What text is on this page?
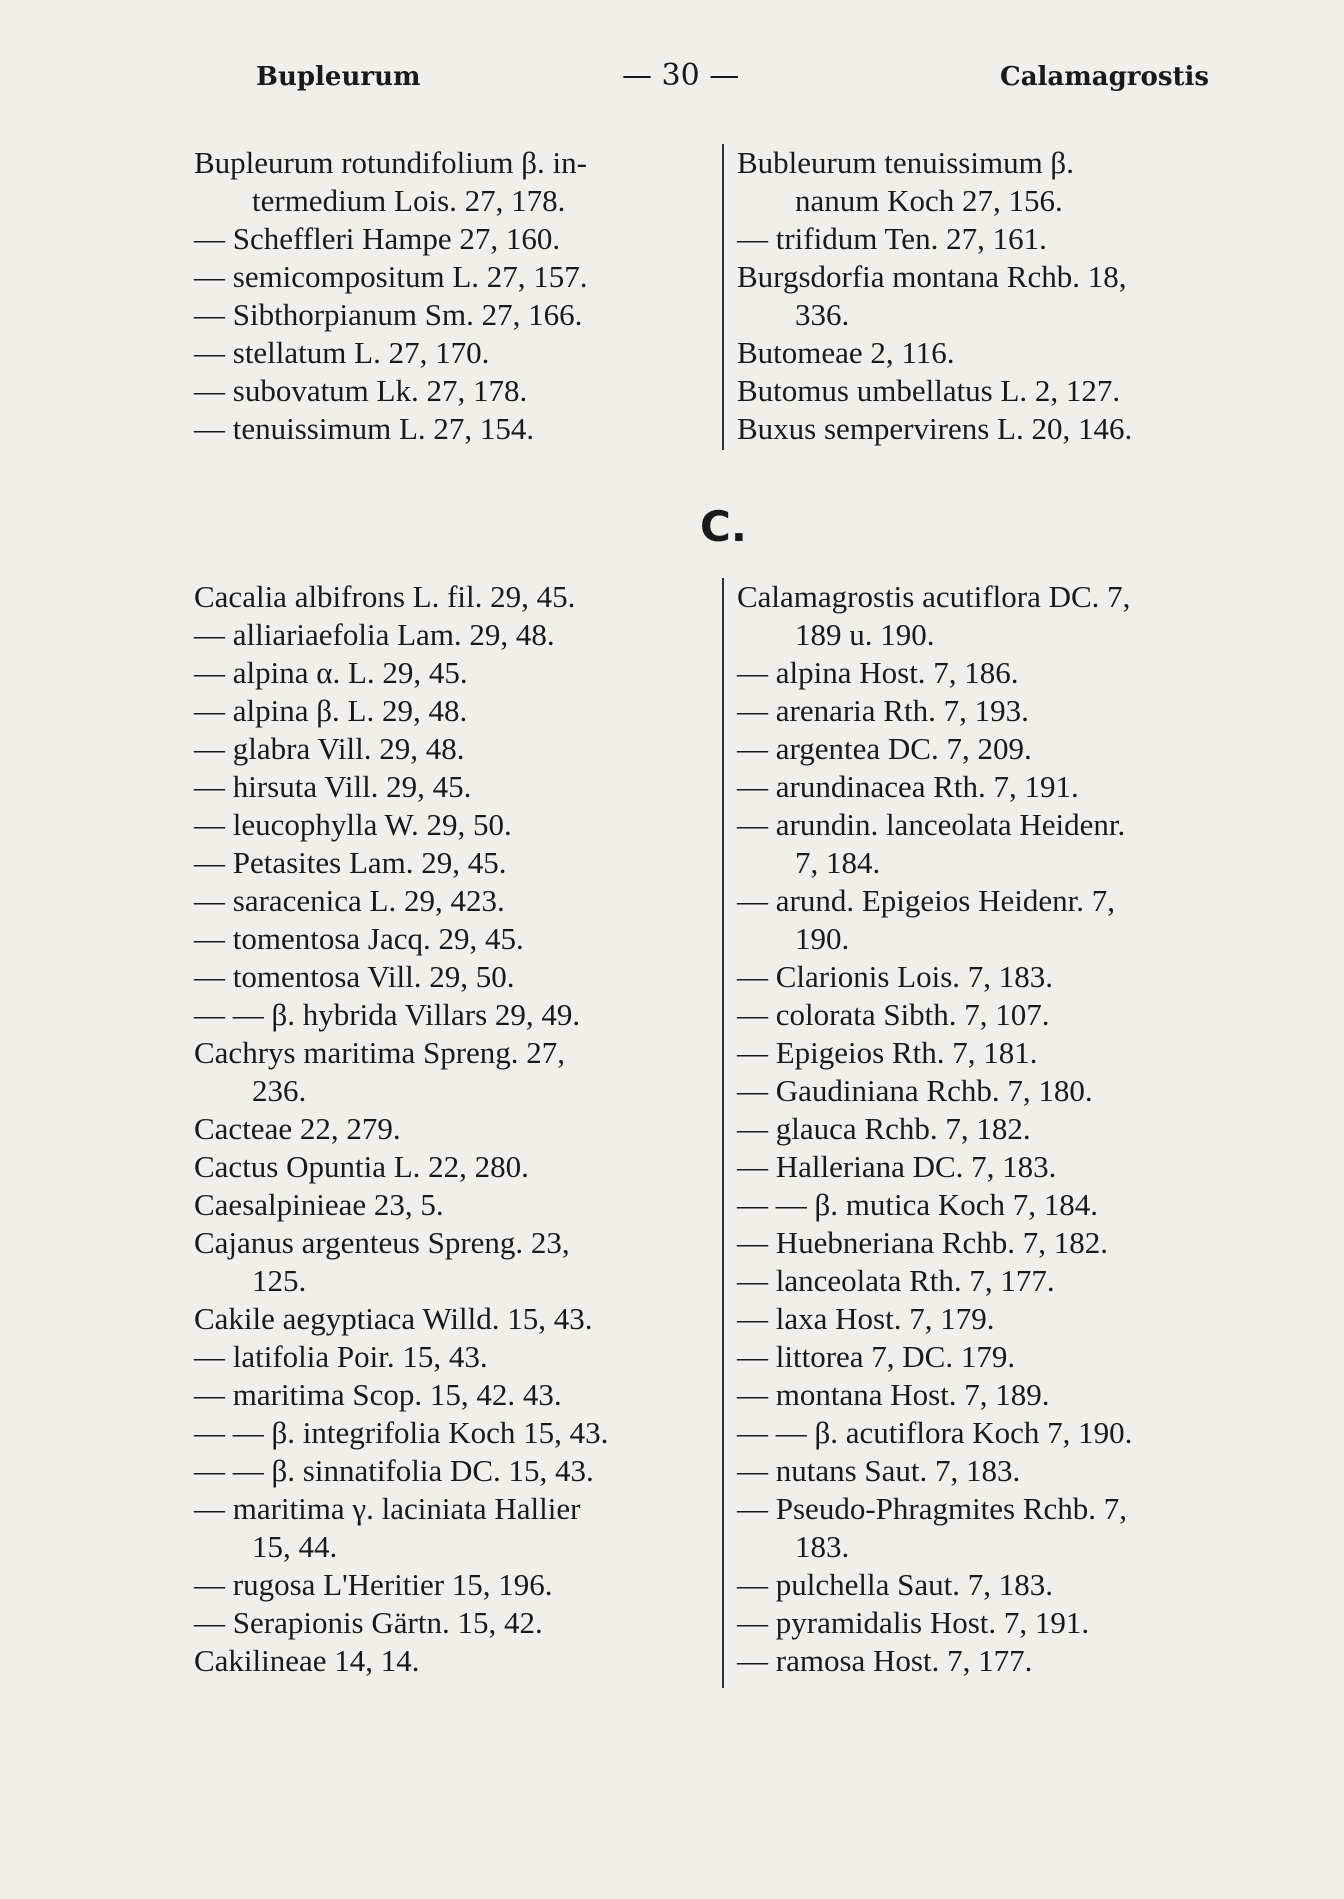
Bupleurum	— 30 —	Calamagrostis
Bupleurum rotundifolium β. in-
termedium Lois. 27, 178.
— Scheffleri Hampe 27, 160.
— semicompositum L. 27, 157.
— Sibthorpianum Sm. 27, 166.
— stellatum L. 27, 170.
— subovatum Lk. 27, 178.
— tenuissimum L. 27, 154.
Bubleurum tenuissimum β.
nanum Koch 27, 156.
— trifidum Ten. 27, 161.
Burgsdorfia montana Rchb. 18,
336.
Butomeae 2, 116.
Butomus umbellatus L. 2, 127.
Buxus sempervirens L. 20, 146.
C.
Cacalia albifrons L. fil. 29, 45.
— alliariaefolia Lam. 29, 48.
— alpina α. L. 29, 45.
— alpina β. L. 29, 48.
— glabra Vill. 29, 48.
— hirsuta Vill. 29, 45.
— leucophylla W. 29, 50.
— Petasites Lam. 29, 45.
— saracenica L. 29, 423.
— tomentosa Jacq. 29, 45.
— tomentosa Vill. 29, 50.
— — β. hybrida Villars 29, 49.
Cachrys maritima Spreng. 27,
236.
Cacteae 22, 279.
Cactus Opuntia L. 22, 280.
Caesalpinieae 23, 5.
Cajanus argenteus Spreng. 23,
125.
Cakile aegyptiaca Willd. 15, 43.
— latifolia Poir. 15, 43.
— maritima Scop. 15, 42. 43.
— — β. integrifolia Koch 15, 43.
— — β. sinnatifolia DC. 15, 43.
— maritima γ. laciniata Hallier
15, 44.
— rugosa L'Heritier 15, 196.
— Serapionis Gärtn. 15, 42.
Cakilineae 14, 14.
Calamagrostis acutiflora DC. 7,
189 u. 190.
— alpina Host. 7, 186.
— arenaria Rth. 7, 193.
— argentea DC. 7, 209.
— arundinacea Rth. 7, 191.
— arundin. lanceolata Heidenr.
7, 184.
— arund. Epigeios Heidenr. 7,
190.
— Clarionis Lois. 7, 183.
— colorata Sibth. 7, 107.
— Epigeios Rth. 7, 181.
— Gaudiniana Rchb. 7, 180.
— glauca Rchb. 7, 182.
— Halleriana DC. 7, 183.
— — β. mutica Koch 7, 184.
— Huebneriana Rchb. 7, 182.
— lanceolata Rth. 7, 177.
— laxa Host. 7, 179.
— littorea 7, DC. 179.
— montana Host. 7, 189.
— — β. acutiflora Koch 7, 190.
— nutans Saut. 7, 183.
— Pseudo-Phragmites Rchb. 7,
183.
— pulchella Saut. 7, 183.
— pyramidalis Host. 7, 191.
— ramosa Host. 7, 177.
